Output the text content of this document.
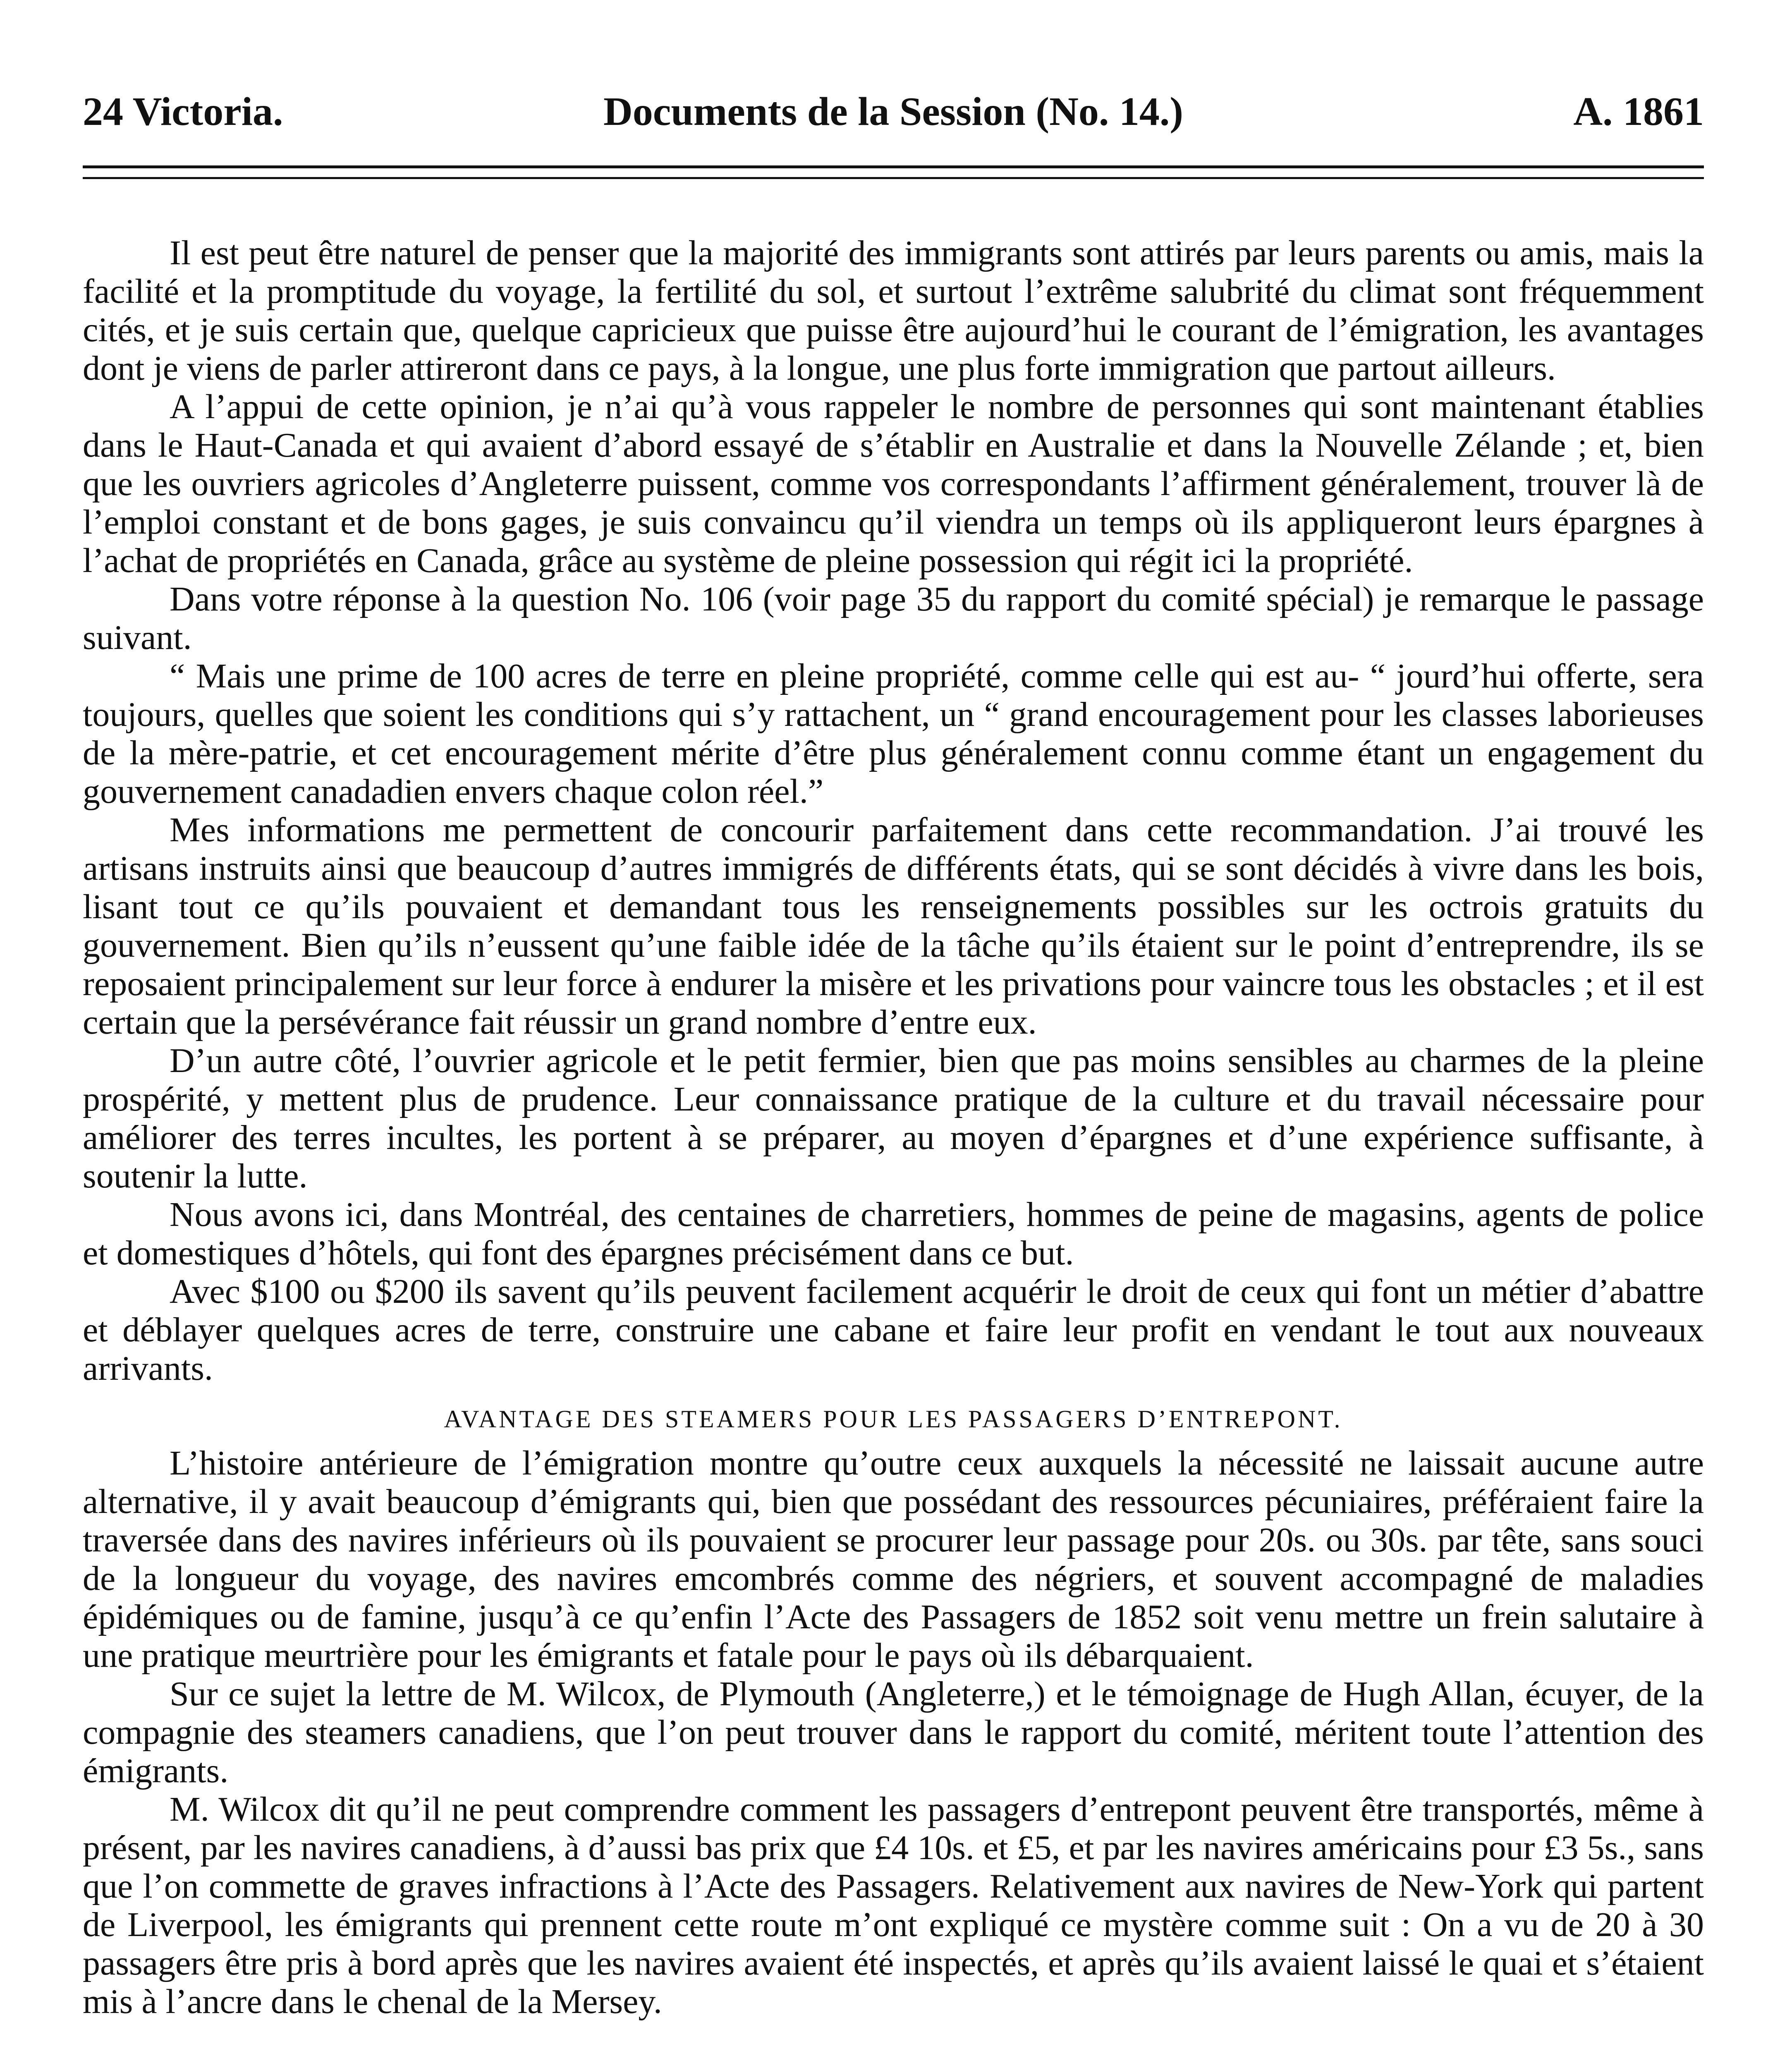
24 Victoria.	Documents de la Session (No. 14.)	A. 1861

Il est peut être naturel de penser que la majorité des immigrants sont attirés par leurs parents ou amis, mais la facilité et la promptitude du voyage, la fertilité du sol, et surtout l’extrême salubrité du climat sont fréquemment cités, et je suis certain que, quelque capricieux que puisse être aujourd’hui le courant de l’émigration, les avantages dont je viens de parler attireront dans ce pays, à la longue, une plus forte immigration que partout ailleurs.

A l’appui de cette opinion, je n’ai qu’à vous rappeler le nombre de personnes qui sont maintenant établies dans le Haut-Canada et qui avaient d’abord essayé de s’établir en Australie et dans la Nouvelle Zélande ; et, bien que les ouvriers agricoles d’Angleterre puissent, comme vos correspondants l’affirment généralement, trouver là de l’emploi constant et de bons gages, je suis convaincu qu’il viendra un temps où ils appliqueront leurs épargnes à l’achat de propriétés en Canada, grâce au système de pleine possession qui régit ici la propriété.

Dans votre réponse à la question No. 106 (voir page 35 du rapport du comité spécial) je remarque le passage suivant.

“ Mais une prime de 100 acres de terre en pleine propriété, comme celle qui est au- “ jourd’hui offerte, sera toujours, quelles que soient les conditions qui s’y rattachent, un “ grand encouragement pour les classes laborieuses de la mère-patrie, et cet encouragement mérite d’être plus généralement connu comme étant un engagement du gouvernement canadadien envers chaque colon réel.”

Mes informations me permettent de concourir parfaitement dans cette recommandation. J’ai trouvé les artisans instruits ainsi que beaucoup d’autres immigrés de différents états, qui se sont décidés à vivre dans les bois, lisant tout ce qu’ils pouvaient et demandant tous les renseignements possibles sur les octrois gratuits du gouvernement. Bien qu’ils n’eussent qu’une faible idée de la tâche qu’ils étaient sur le point d’entreprendre, ils se reposaient principalement sur leur force à endurer la misère et les privations pour vaincre tous les obstacles ; et il est certain que la persévérance fait réussir un grand nombre d’entre eux.

D’un autre côté, l’ouvrier agricole et le petit fermier, bien que pas moins sensibles au charmes de la pleine prospérité, y mettent plus de prudence. Leur connaissance pratique de la culture et du travail nécessaire pour améliorer des terres incultes, les portent à se préparer, au moyen d’épargnes et d’une expérience suffisante, à soutenir la lutte.

Nous avons ici, dans Montréal, des centaines de charretiers, hommes de peine de magasins, agents de police et domestiques d’hôtels, qui font des épargnes précisément dans ce but.

Avec $100 ou $200 ils savent qu’ils peuvent facilement acquérir le droit de ceux qui font un métier d’abattre et déblayer quelques acres de terre, construire une cabane et faire leur profit en vendant le tout aux nouveaux arrivants.

AVANTAGE DES STEAMERS POUR LES PASSAGERS D’ENTREPONT.

L’histoire antérieure de l’émigration montre qu’outre ceux auxquels la nécessité ne laissait aucune autre alternative, il y avait beaucoup d’émigrants qui, bien que possédant des ressources pécuniaires, préféraient faire la traversée dans des navires inférieurs où ils pouvaient se procurer leur passage pour 20s. ou 30s. par tête, sans souci de la longueur du voyage, des navires emcombrés comme des négriers, et souvent accompagné de maladies épidémiques ou de famine, jusqu’à ce qu’enfin l’Acte des Passagers de 1852 soit venu mettre un frein salutaire à une pratique meurtrière pour les émigrants et fatale pour le pays où ils débarquaient.

Sur ce sujet la lettre de M. Wilcox, de Plymouth (Angleterre,) et le témoignage de Hugh Allan, écuyer, de la compagnie des steamers canadiens, que l’on peut trouver dans le rapport du comité, méritent toute l’attention des émigrants.

M. Wilcox dit qu’il ne peut comprendre comment les passagers d’entrepont peuvent être transportés, même à présent, par les navires canadiens, à d’aussi bas prix que £4 10s. et £5, et par les navires américains pour £3 5s., sans que l’on commette de graves infractions à l’Acte des Passagers. Relativement aux navires de New-York qui partent de Liverpool, les émigrants qui prennent cette route m’ont expliqué ce mystère comme suit : On a vu de 20 à 30 passagers être pris à bord après que les navires avaient été inspectés, et après qu’ils avaient laissé le quai et s’étaient mis à l’ancre dans le chenal de la Mersey.
